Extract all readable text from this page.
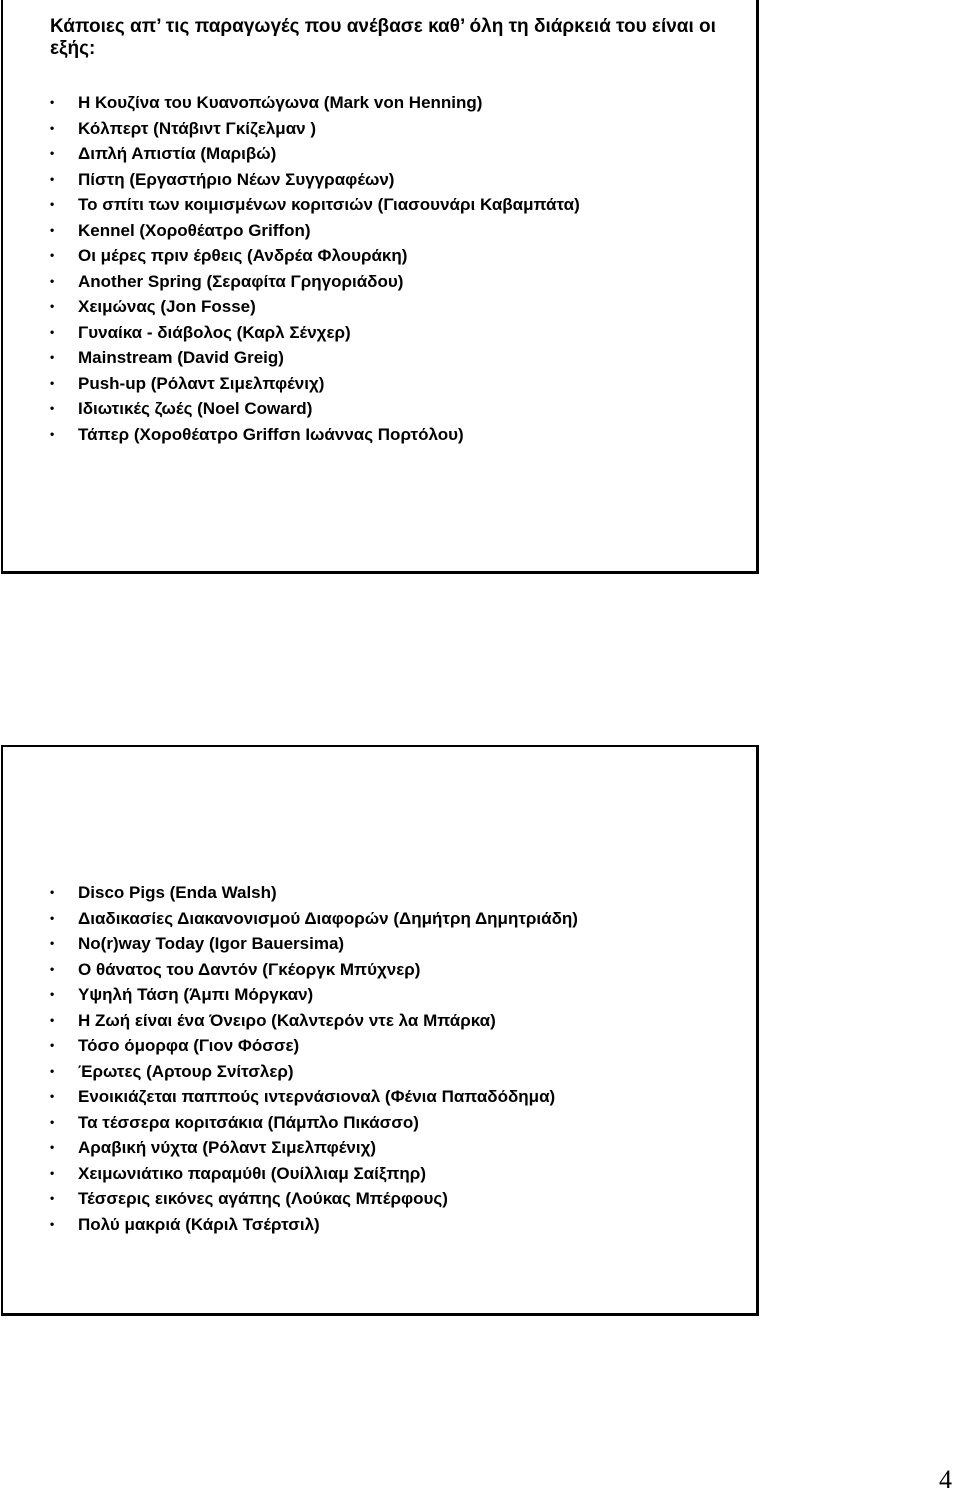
Κάποιες απ’ τις παραγωγές που ανέβασε καθ’ όλη τη διάρκειά του είναι οι εξής:
• Η Κουζίνα του Κυανοπώγωνα (Mark von Henning)
• Κόλπερτ (Ντάβιντ Γκίζελμαν )
• Διπλή Απιστία (Μαριβώ)
• Πίστη (Εργαστήριο Νέων Συγγραφέων)
• Το σπίτι των κοιμισμένων κοριτσιών (Γιασουνάρι Καβαμπάτα)
• Kennel (Χοροθέατρο Griffon)
• Οι μέρες πριν έρθεις (Ανδρέα Φλουράκη)
• Another Spring (Σεραφίτα Γρηγοριάδου)
• Χειμώνας (Jon Fosse)
• Γυναίκα - διάβολος (Καρλ Σένχερ)
• Mainstream (David Greig)
• Push-up (Ρόλαντ Σιμελπφένιχ)
• Ιδιωτικές ζωές (Noel Coward)
• Τάπερ (Χοροθέατρο Griffσn Ιωάννας Πορτόλου)
• Disco Pigs (Enda Walsh)
• Διαδικασίες Διακανονισμού Διαφορών (Δημήτρη Δημητριάδη)
• No(r)way Today (Igor Bauersima)
• Ο θάνατος του Δαντόν (Γκέοργκ Μπύχνερ)
• Υψηλή Τάση (Άμπι Μόργκαν)
• Η Ζωή είναι ένα Όνειρο (Καλντερόν ντε λα Μπάρκα)
• Τόσο όμορφα (Γιον Φόσσε)
• Έρωτες (Αρτουρ Σνίτσλερ)
• Ενοικιάζεται παππούς ιντερνάσιοναλ (Φένια Παπαδόδημα)
• Τα τέσσερα κοριτσάκια (Πάμπλο Πικάσσο)
• Αραβική νύχτα (Ρόλαντ Σιμελπφένιχ)
• Χειμωνιάτικο παραμύθι (Ουίλλιαμ Σαίξπηρ)
• Τέσσερις εικόνες αγάπης (Λούκας Μπέρφους)
• Πολύ μακριά (Κάριλ Τσέρτσιλ)
4
